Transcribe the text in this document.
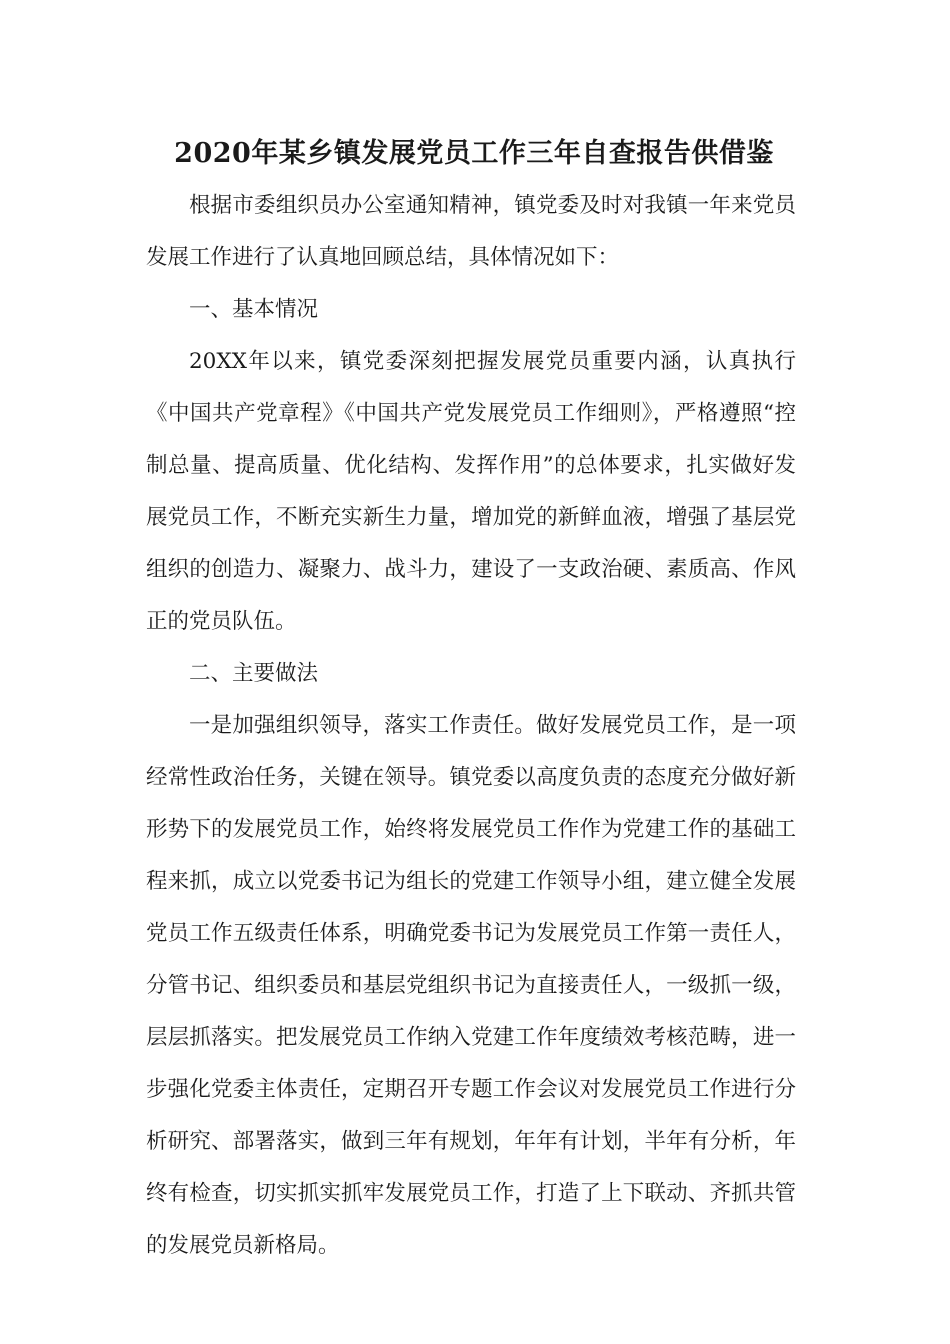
2020年某乡镇发展党员工作三年自查报告供借鉴

根据市委组织员办公室通知精神，镇党委及时对我镇一年来党员发展工作进行了认真地回顾总结，具体情况如下：

一、基本情况

20XX年以来，镇党委深刻把握发展党员重要内涵，认真执行《中国共产党章程》《中国共产党发展党员工作细则》，严格遵照“控制总量、提高质量、优化结构、发挥作用”的总体要求，扎实做好发展党员工作，不断充实新生力量，增加党的新鲜血液，增强了基层党组织的创造力、凝聚力、战斗力，建设了一支政治硬、素质高、作风正的党员队伍。

二、主要做法

一是加强组织领导，落实工作责任。做好发展党员工作，是一项经常性政治任务，关键在领导。镇党委以高度负责的态度充分做好新形势下的发展党员工作，始终将发展党员工作作为党建工作的基础工程来抓，成立以党委书记为组长的党建工作领导小组，建立健全发展党员工作五级责任体系，明确党委书记为发展党员工作第一责任人，分管书记、组织委员和基层党组织书记为直接责任人，一级抓一级，层层抓落实。把发展党员工作纳入党建工作年度绩效考核范畴，进一步强化党委主体责任，定期召开专题工作会议对发展党员工作进行分析研究、部署落实，做到三年有规划，年年有计划，半年有分析，年终有检查，切实抓实抓牢发展党员工作，打造了上下联动、齐抓共管的发展党员新格局。
